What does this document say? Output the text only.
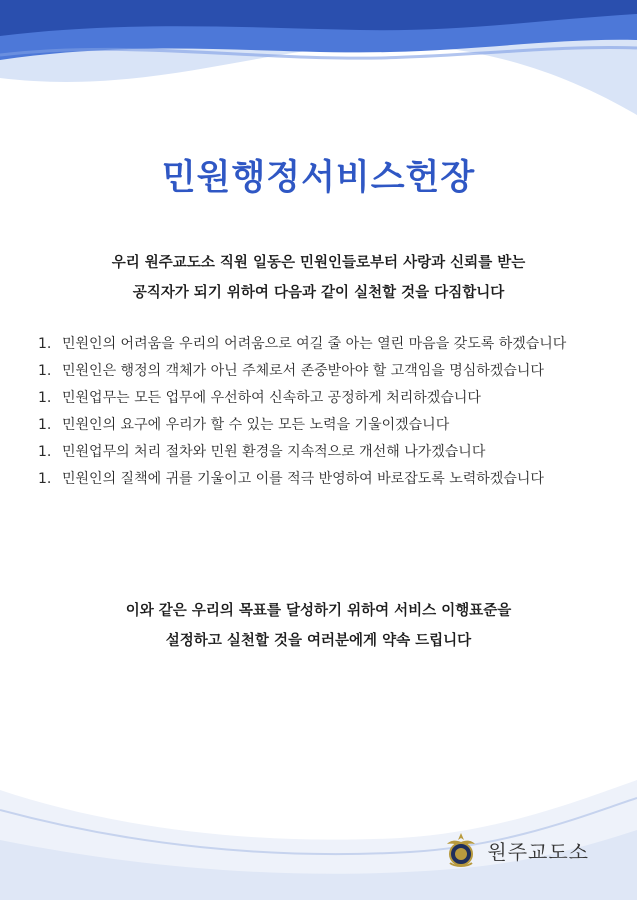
민원행정서비스헌장

우리 원주교도소 직원 일동은 민원인들로부터 사랑과 신뢰를 받는

공직자가 되기 위하여 다음과 같이 실천할 것을 다짐합니다

1. 민원인의 어려움을 우리의 어려움으로 여길 줄 아는 열린 마음을 갖도록 하겠습니다
1. 민원인은 행정의 객체가 아닌 주체로서 존중받아야 할 고객임을 명심하겠습니다
1. 민원업무는 모든 업무에 우선하여 신속하고 공정하게 처리하겠습니다
1. 민원인의 요구에 우리가 할 수 있는 모든 노력을 기울이겠습니다
1. 민원업무의 처리 절차와 민원 환경을 지속적으로 개선해 나가겠습니다
1. 민원인의 질책에 귀를 기울이고 이를 적극 반영하여 바로잡도록 노력하겠습니다

이와 같은 우리의 목표를 달성하기 위하여 서비스 이행표준을

설정하고 실천할 것을 여러분에게 약속 드립니다

원주교도소
